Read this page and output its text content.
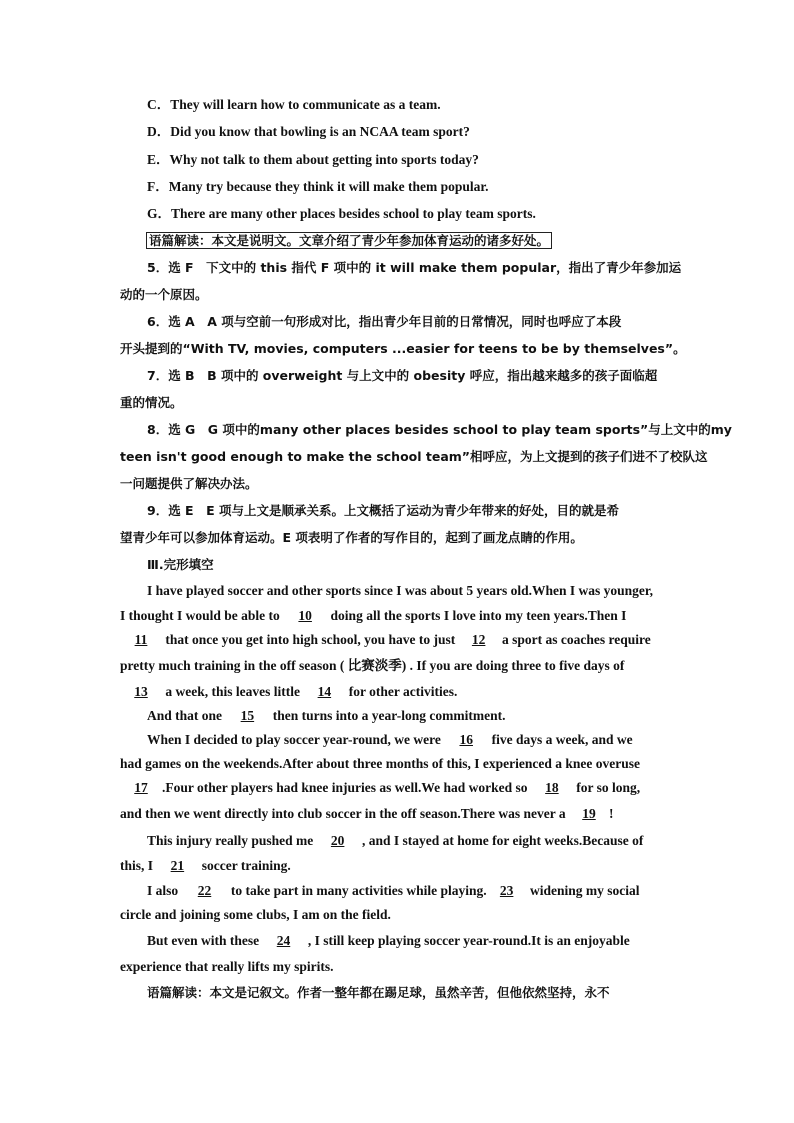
C．They will learn how to communicate as a team.
D．Did you know that bowling is an NCAA team sport?
E．Why not talk to them about getting into sports today?
F．Many try because they think it will make them popular.
G．There are many other places besides school to play team sports.
语篇解读：本文是说明文。文章介绍了青少年参加体育运动的诸多好处。
5．选 F　下文中的 this 指代 F 项中的 it will make them popular，指出了青少年参加运
动的一个原因。
6．选 A　A 项与空前一句形成对比，指出青少年目前的日常情况，同时也呼应了本段
开头提到的“With TV, movies, computers ...easier for teens to be by themselves”。
7．选 B　B 项中的 overweight 与上文中的 obesity 呼应，指出越来越多的孩子面临超
重的情况。
8．选 G　G 项中的many other places besides school to play team sports”与上文中的my
teen isn't good enough to make the school team”相呼应，为上文提到的孩子们进不了校队这
一问题提供了解决办法。
9．选 E　E 项与上文是顺承关系。上文概括了运动为青少年带来的好处，目的就是希
望青少年可以参加体育运动。E 项表明了作者的写作目的，起到了画龙点睛的作用。
Ⅲ.完形填空
I have played soccer and other sports since I was about 5 years old.When I was younger,
I thought I would be able to 10 doing all the sports I love into my teen years.Then I
11 that once you get into high school, you have to just 12 a sport as coaches require
pretty much training in the off season ( 比赛淡季) . If you are doing three to five days of
13 a week, this leaves little 14 for other activities.
And that one 15 then turns into a year-long commitment.
When I decided to play soccer year-round, we were 16 five days a week, and we
had games on the weekends.After about three months of this, I experienced a knee overuse
17 .Four other players had knee injuries as well.We had worked so 18 for so long,
and then we went directly into club soccer in the off season.There was never a 19 !
This injury really pushed me 20 , and I stayed at home for eight weeks.Because of
this, I 21 soccer training.
I also 22 to take part in many activities while playing. 23 widening my social
circle and joining some clubs, I am on the field.
But even with these 24 , I still keep playing soccer year-round.It is an enjoyable
experience that really lifts my spirits.
语篇解读：本文是记叙文。作者一整年都在踢足球，虽然辛苦，但他依然坚持，永不
